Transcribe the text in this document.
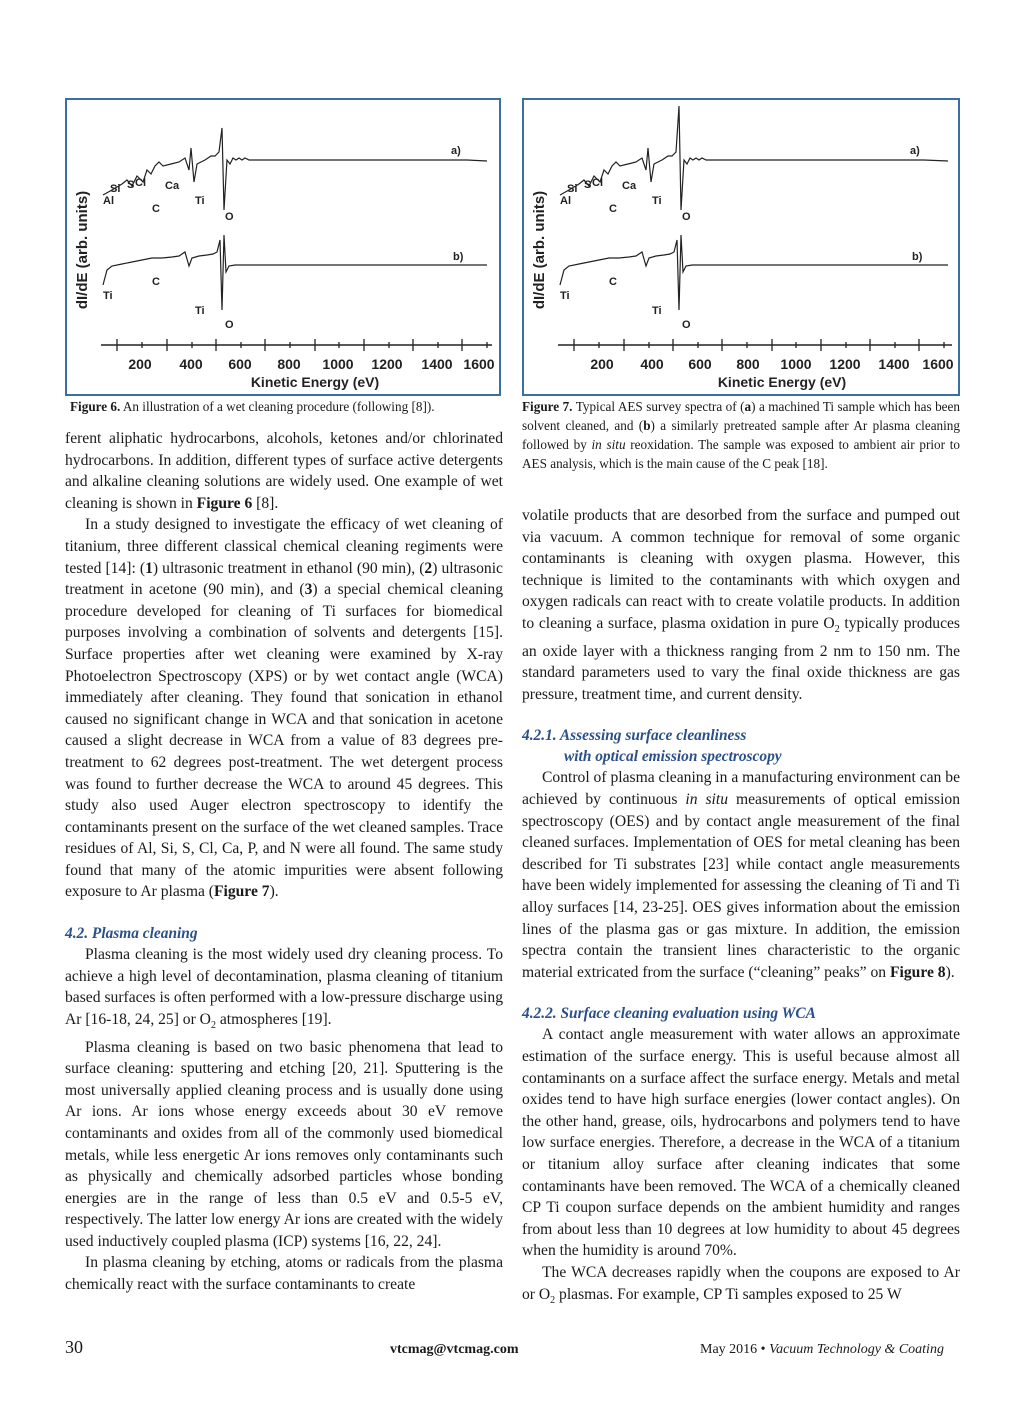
dI/dE (arb. units)
200 400 600 800 1000 1200 1400 1600
Kinetic Energy (eV)
a)
b)
Al
Si S Cl Ca
C
Ti
O
Ti
C
Ti
O
Figure 6. An illustration of a wet cleaning procedure (following [8]).
dI/dE (arb. units)
200 400 600 800 1000 1200 1400 1600
Kinetic Energy (eV)
a)
b)
Al
Si S Cl Ca
C
Ti
O
Ti
C
Ti
O
Figure 7. Typical AES survey spectra of (a) a machined Ti sample which has been solvent cleaned, and (b) a similarly pretreated sample after Ar plasma cleaning followed by in situ reoxidation. The sample was exposed to ambient air prior to AES analysis, which is the main cause of the C peak [18].

ferent aliphatic hydrocarbons, alcohols, ketones and/or chlorinated hydrocarbons. In addition, different types of surface active detergents and alkaline cleaning solutions are widely used. One example of wet cleaning is shown in Figure 6 [8].

In a study designed to investigate the efficacy of wet cleaning of titanium, three different classical chemical cleaning regiments were tested [14]: (1) ultrasonic treatment in ethanol (90 min), (2) ultrasonic treatment in acetone (90 min), and (3) a special chemical cleaning procedure developed for cleaning of Ti surfaces for biomedical purposes involving a combination of solvents and detergents [15]. Surface properties after wet cleaning were examined by X-ray Photoelectron Spectroscopy (XPS) or by wet contact angle (WCA) immediately after cleaning. They found that sonication in ethanol caused no significant change in WCA and that sonication in acetone caused a slight decrease in WCA from a value of 83 degrees pre-treatment to 62 degrees post-treatment. The wet detergent process was found to further decrease the WCA to around 45 degrees. This study also used Auger electron spectroscopy to identify the contaminants present on the surface of the wet cleaned samples. Trace residues of Al, Si, S, Cl, Ca, P, and N were all found. The same study found that many of the atomic impurities were absent following exposure to Ar plasma (Figure 7).

4.2. Plasma cleaning

Plasma cleaning is the most widely used dry cleaning process. To achieve a high level of decontamination, plasma cleaning of titanium based surfaces is often performed with a low-pressure discharge using Ar [16-18, 24, 25] or $O_2$ atmospheres [19].

Plasma cleaning is based on two basic phenomena that lead to surface cleaning: sputtering and etching [20, 21]. Sputtering is the most universally applied cleaning process and is usually done using Ar ions. Ar ions whose energy exceeds about 30 eV remove contaminants and oxides from all of the commonly used biomedical metals, while less energetic Ar ions removes only contaminants such as physically and chemically adsorbed particles whose bonding energies are in the range of less than 0.5 eV and 0.5-5 eV, respectively. The latter low energy Ar ions are created with the widely used inductively coupled plasma (ICP) systems [16, 22, 24].

In plasma cleaning by etching, atoms or radicals from the plasma chemically react with the surface contaminants to create

volatile products that are desorbed from the surface and pumped out via vacuum. A common technique for removal of some organic contaminants is cleaning with oxygen plasma. However, this technique is limited to the contaminants with which oxygen and oxygen radicals can react with to create volatile products. In addition to cleaning a surface, plasma oxidation in pure $O_2$ typically produces an oxide layer with a thickness ranging from 2 nm to 150 nm. The standard parameters used to vary the final oxide thickness are gas pressure, treatment time, and current density.

4.2.1. Assessing surface cleanliness
with optical emission spectroscopy

Control of plasma cleaning in a manufacturing environment can be achieved by continuous in situ measurements of optical emission spectroscopy (OES) and by contact angle measurement of the final cleaned surfaces. Implementation of OES for metal cleaning has been described for Ti substrates [23] while contact angle measurements have been widely implemented for assessing the cleaning of Ti and Ti alloy surfaces [14, 23-25]. OES gives information about the emission lines of the plasma gas or gas mixture. In addition, the emission spectra contain the transient lines characteristic to the organic material extricated from the surface (“cleaning” peaks” on Figure 8).

4.2.2. Surface cleaning evaluation using WCA

A contact angle measurement with water allows an approximate estimation of the surface energy. This is useful because almost all contaminants on a surface affect the surface energy. Metals and metal oxides tend to have high surface energies (lower contact angles). On the other hand, grease, oils, hydrocarbons and polymers tend to have low surface energies. Therefore, a decrease in the WCA of a titanium or titanium alloy surface after cleaning indicates that some contaminants have been removed. The WCA of a chemically cleaned CP Ti coupon surface depends on the ambient humidity and ranges from about less than 10 degrees at low humidity to about 45 degrees when the humidity is around 70%.

The WCA decreases rapidly when the coupons are exposed to Ar or $O_2$ plasmas. For example, CP Ti samples exposed to 25 W

30	vtcmag@vtcmag.com	May 2016 • Vacuum Technology & Coating
